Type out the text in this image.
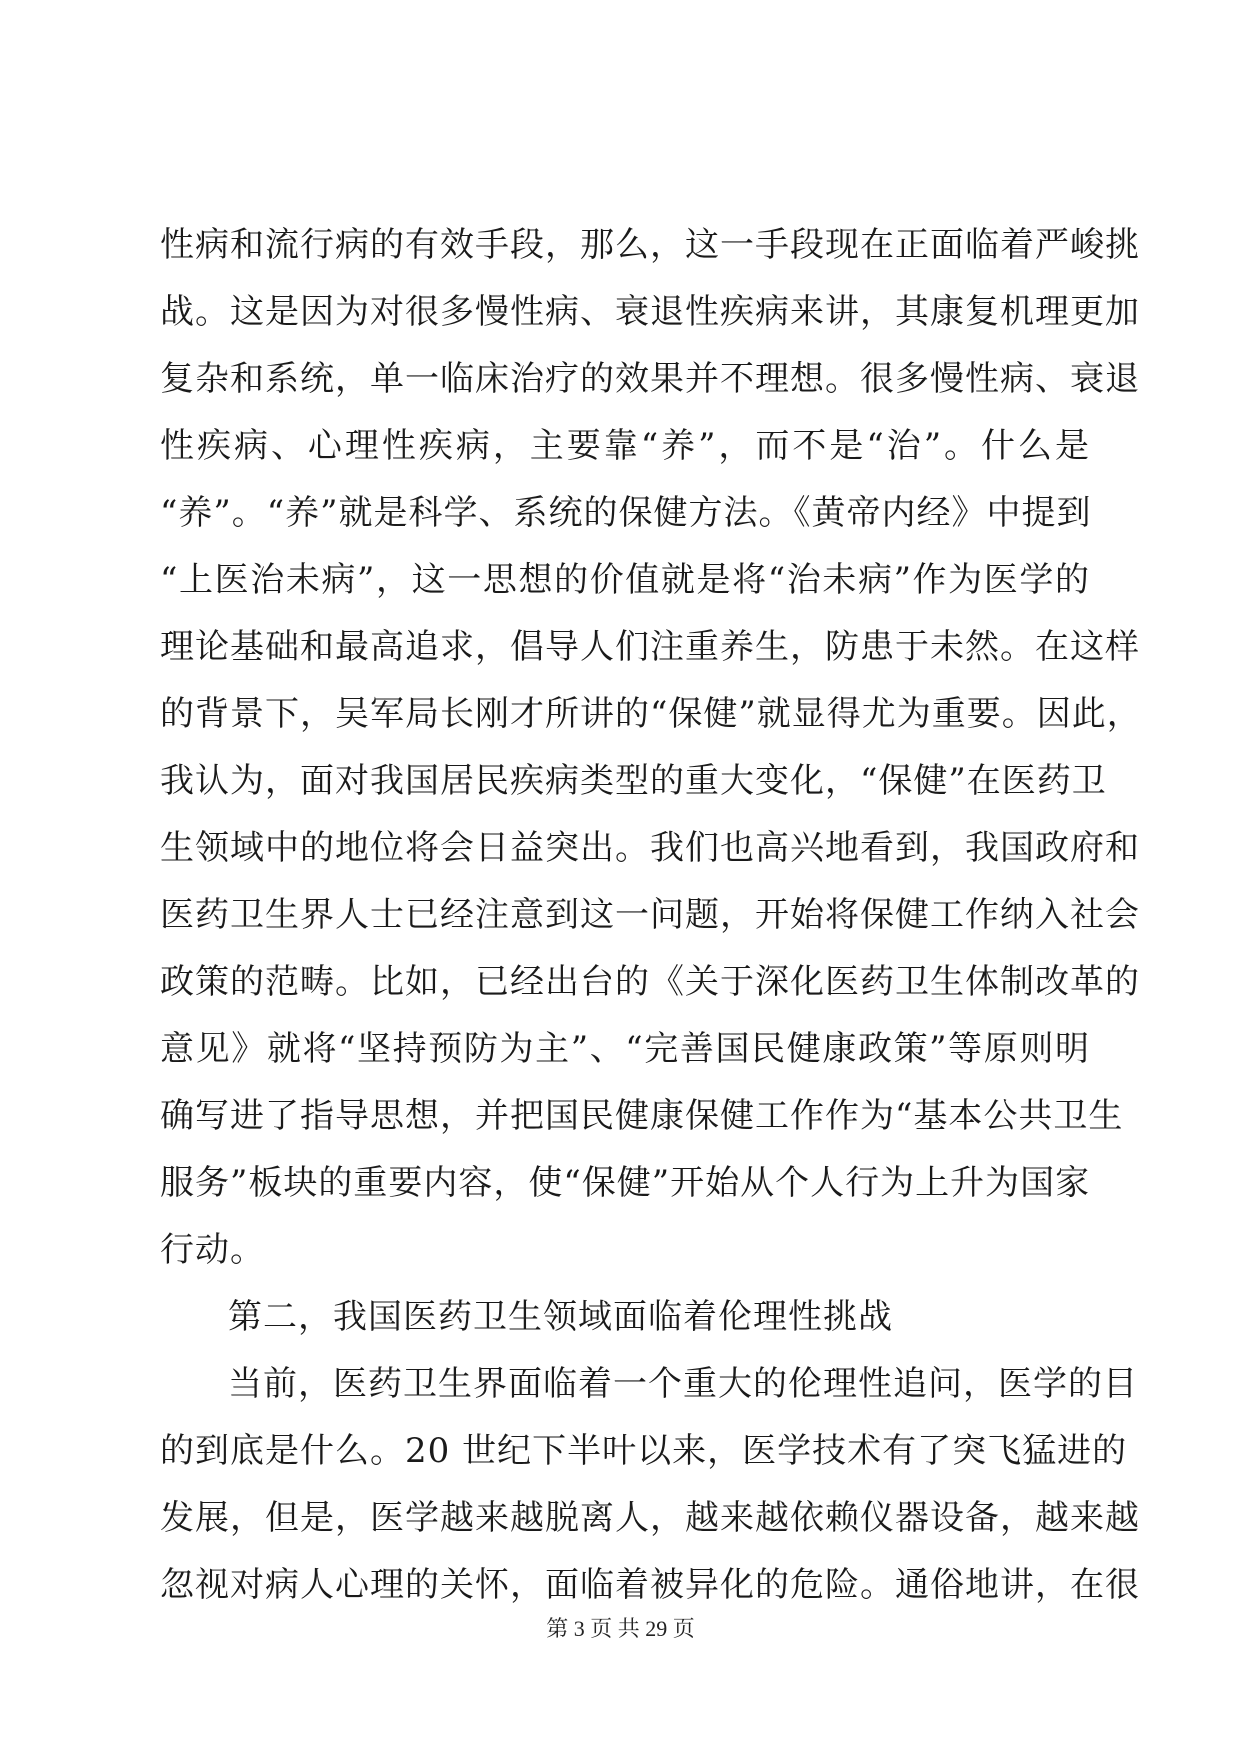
性病和流行病的有效手段，那么，这一手段现在正面临着严峻挑
战。这是因为对很多慢性病、衰退性疾病来讲，其康复机理更加
复杂和系统，单一临床治疗的效果并不理想。很多慢性病、衰退
性疾病、心理性疾病，主要靠“养”，而不是“治”。什么是
“养”。“养”就是科学、系统的保健方法。《黄帝内经》中提到
“上医治未病”，这一思想的价值就是将“治未病”作为医学的
理论基础和最高追求，倡导人们注重养生，防患于未然。在这样
的背景下，吴军局长刚才所讲的“保健”就显得尤为重要。因此，
我认为，面对我国居民疾病类型的重大变化，“保健”在医药卫
生领域中的地位将会日益突出。我们也高兴地看到，我国政府和
医药卫生界人士已经注意到这一问题，开始将保健工作纳入社会
政策的范畴。比如，已经出台的《关于深化医药卫生体制改革的
意见》就将“坚持预防为主”、“完善国民健康政策”等原则明
确写进了指导思想，并把国民健康保健工作作为“基本公共卫生
服务”板块的重要内容，使“保健”开始从个人行为上升为国家
行动。
第二，我国医药卫生领域面临着伦理性挑战
当前，医药卫生界面临着一个重大的伦理性追问，医学的目
的到底是什么。20 世纪下半叶以来，医学技术有了突飞猛进的
发展，但是，医学越来越脱离人，越来越依赖仪器设备，越来越
忽视对病人心理的关怀，面临着被异化的危险。通俗地讲，在很
第 3 页 共 29 页
